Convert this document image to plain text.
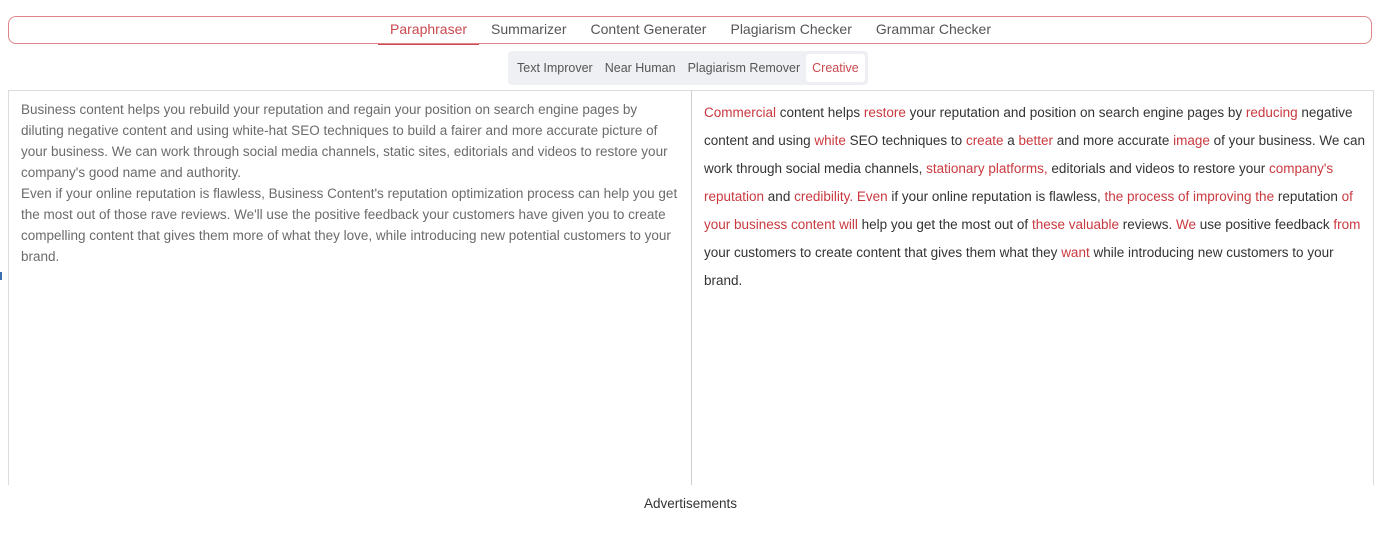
Paraphraser	Summarizer	Content Generater	Plagiarism Checker	Grammar Checker
Text Improver Near Human Plagiarism Remover Creative

Business content helps you rebuild your reputation and regain your position on search engine pages by diluting negative content and using white-hat SEO techniques to build a fairer and more accurate picture of your business. We can work through social media channels, static sites, editorials and videos to restore your company's good name and authority.

Even if your online reputation is flawless, Business Content's reputation optimization process can help you get the most out of those rave reviews. We'll use the positive feedback your customers have given you to create compelling content that gives them more of what they love, while introducing new potential customers to your brand.

Commercial content helps restore your reputation and position on search engine pages by reducing negative content and using white SEO techniques to create a better and more accurate image of your business. We can work through social media channels, stationary platforms, editorials and videos to restore your company's reputation and credibility. Even if your online reputation is flawless, the process of improving the reputation of your business content will help you get the most out of these valuable reviews. We use positive feedback from your customers to create content that gives them what they want while introducing new customers to your brand.
Advertisements
